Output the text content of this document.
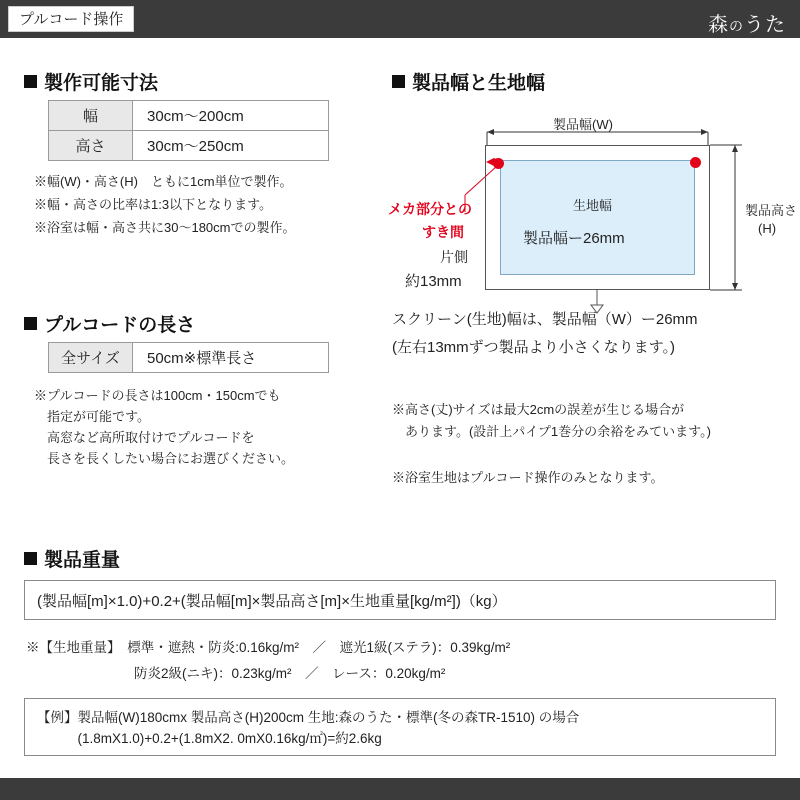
プルコード操作	森のうた
製作可能寸法
幅	30cm〜200cm
高さ	30cm〜250cm
※幅(W)・高さ(H)　ともに1cm単位で製作。
※幅・高さの比率は1:3以下となります。
※浴室は幅・高さ共に30〜180cmでの製作。
プルコードの長さ
全サイズ	50cm※標準長さ
※プルコードの長さは100cm・150cmでも
　指定が可能です。
　高窓など高所取付けでプルコードを
　長さを長くしたい場合にお選びください。
製品幅と生地幅
製品幅(W)
生地幅
製品幅ー26mm
製品高さ
(H)
メカ部分との
すき間
片側
約13mm
スクリーン(生地)幅は、製品幅（W）ー26mm
(左右13mmずつ製品より小さくなります。)
※高さ(丈)サイズは最大2cmの誤差が生じる場合が
　あります。(設計上パイプ1巻分の余裕をみています。)
※浴室生地はプルコード操作のみとなります。
製品重量
(製品幅[m]×1.0)+0.2+(製品幅[m]×製品高さ[m]×生地重量[kg/m²])（kg）
※【生地重量】　標準・遮熱・防炎:0.16kg/m²　／　遮光1級(ステラ)：0.39kg/m²
　　　　　　　　防炎2級(ニキ)：0.23kg/m²　／　レース：0.20kg/m²
【例】製品幅(W)180cmx 製品高さ(H)200cm 生地:森のうた・標準(冬の森TR-1510) の場合
　　　(1.8mX1.0)+0.2+(1.8mX2. 0mX0.16kg/㎡)=約2.6kg
